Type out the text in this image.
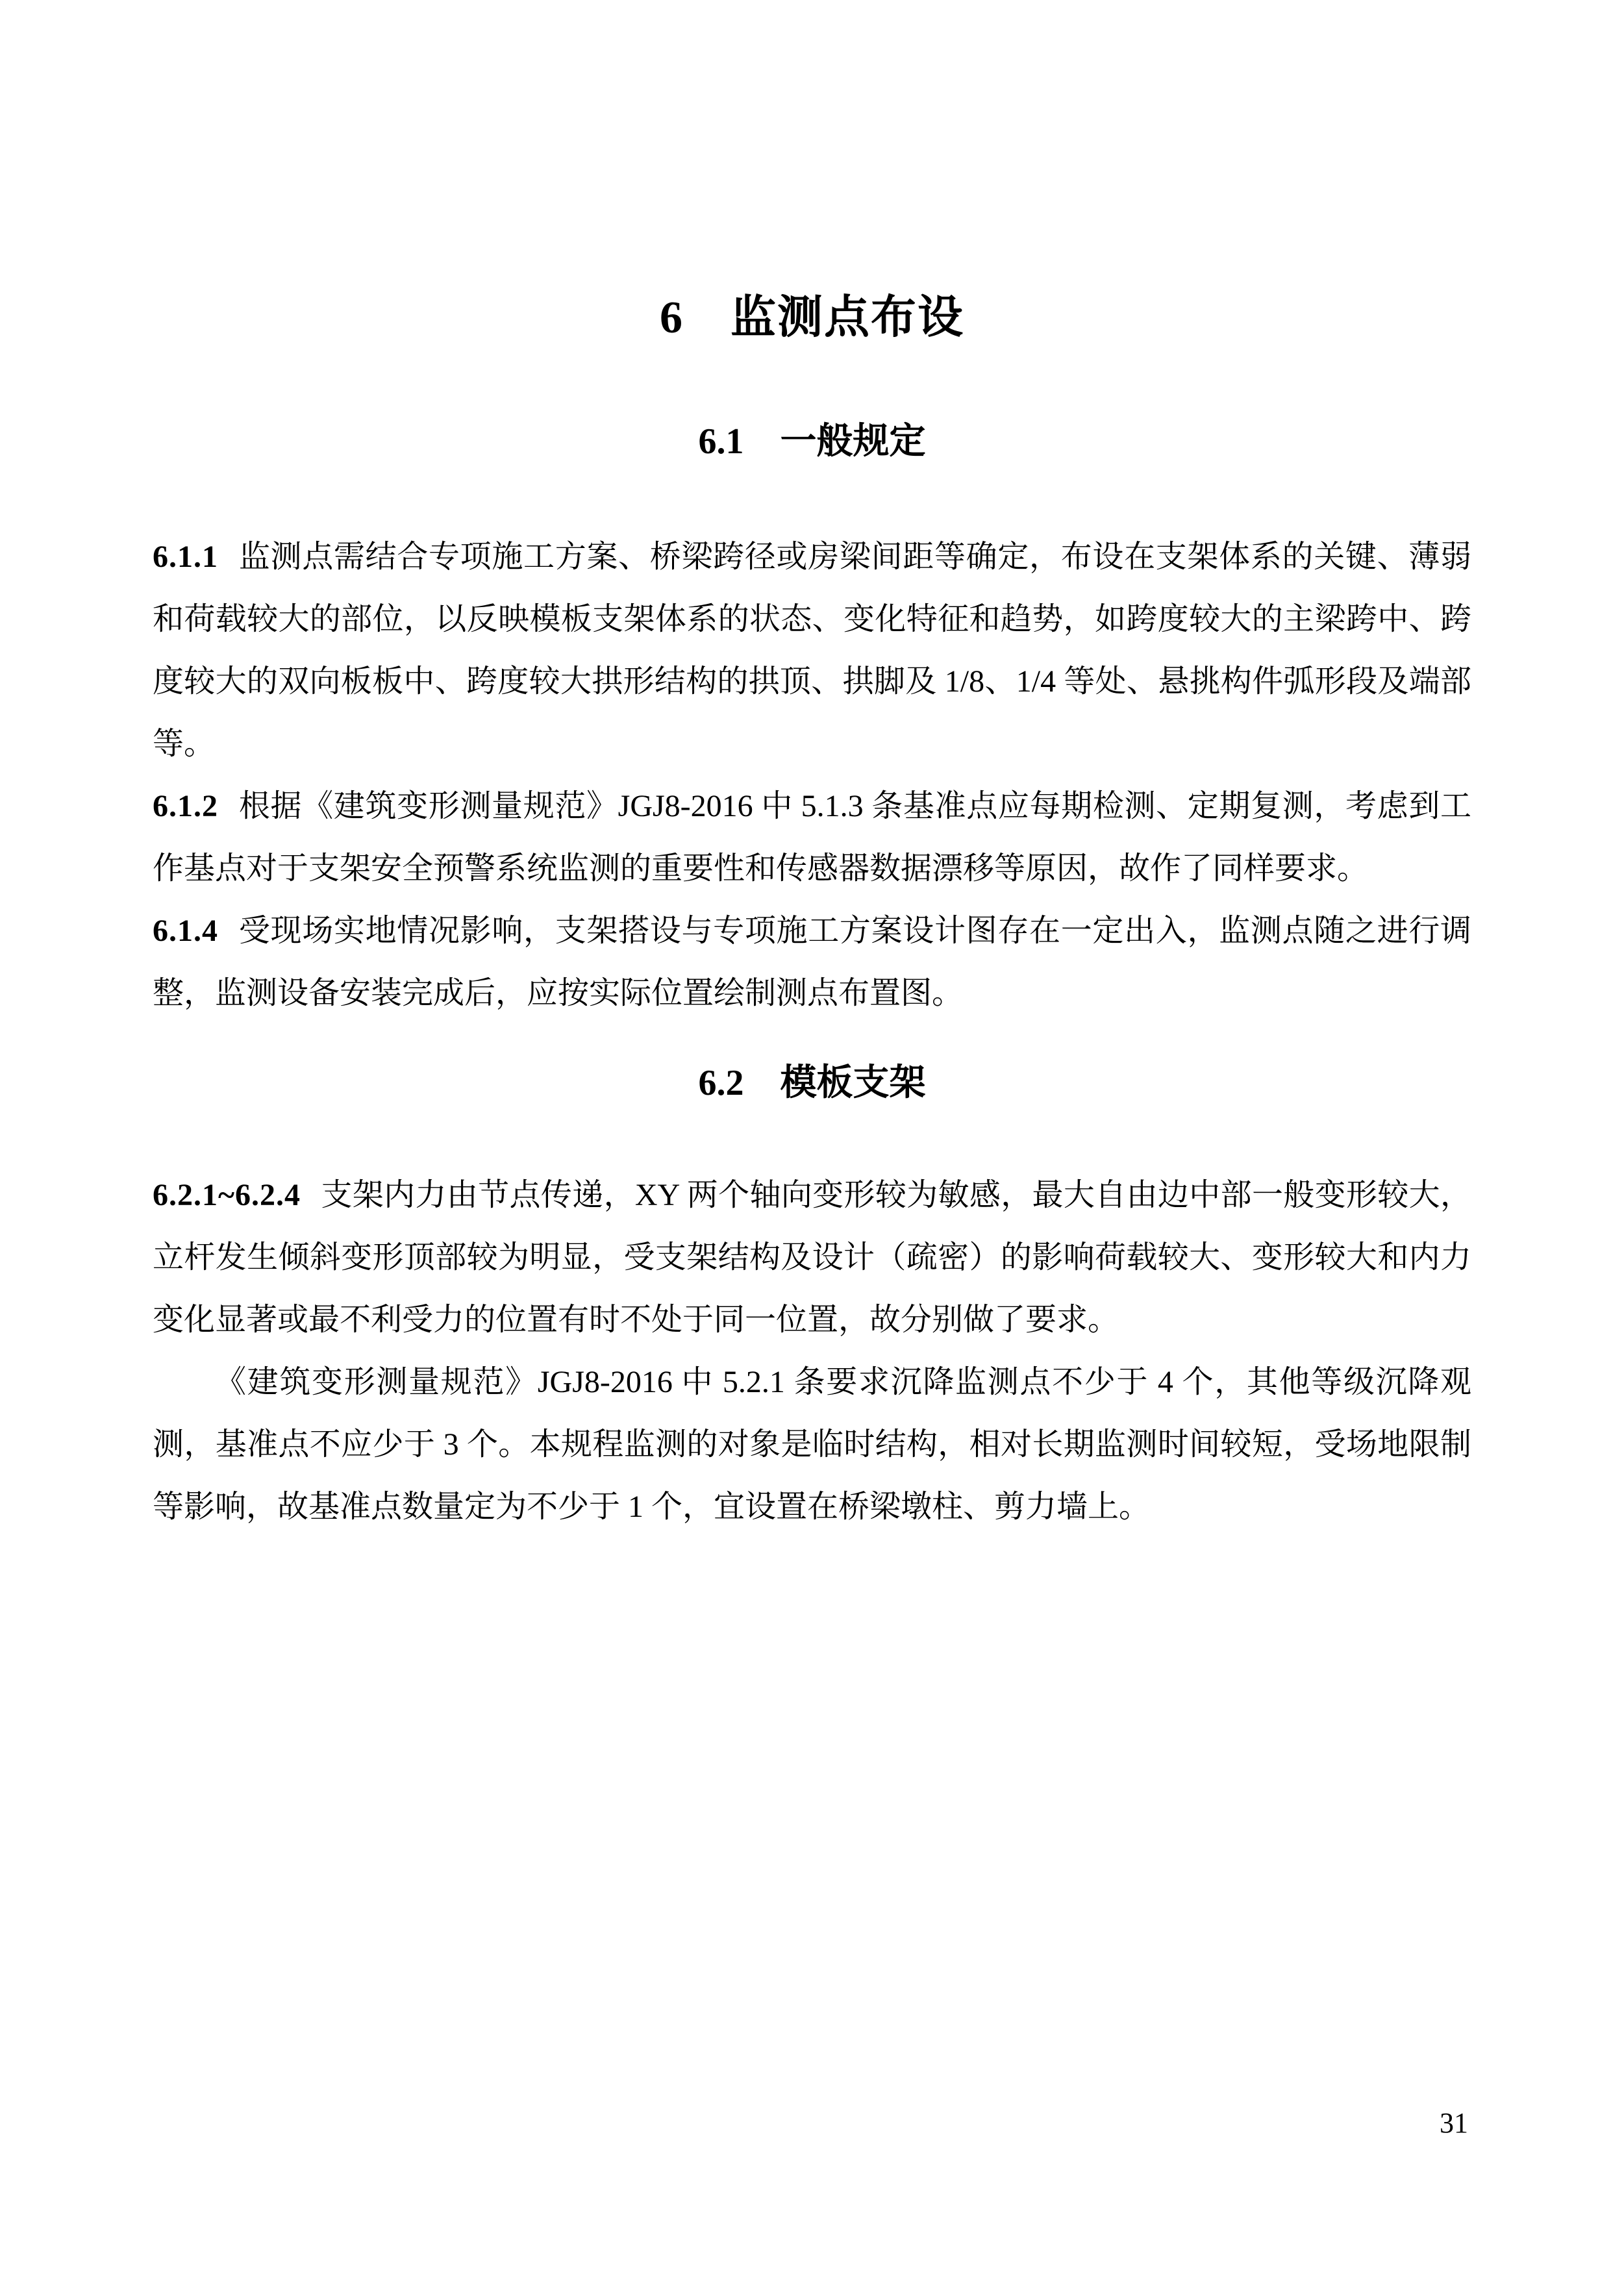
6　监测点布设
6.1　一般规定

6.1.1 监测点需结合专项施工方案、桥梁跨径或房梁间距等确定，布设在支架体系的关键、薄弱和荷载较大的部位，以反映模板支架体系的状态、变化特征和趋势，如跨度较大的主梁跨中、跨度较大的双向板板中、跨度较大拱形结构的拱顶、拱脚及 1/8、1/4 等处、悬挑构件弧形段及端部等。

6.1.2 根据《建筑变形测量规范》JGJ8-2016 中 5.1.3 条基准点应每期检测、定期复测，考虑到工作基点对于支架安全预警系统监测的重要性和传感器数据漂移等原因，故作了同样要求。

6.1.4 受现场实地情况影响，支架搭设与专项施工方案设计图存在一定出入，监测点随之进行调整，监测设备安装完成后，应按实际位置绘制测点布置图。

6.2　模板支架

6.2.1~6.2.4 支架内力由节点传递，XY 两个轴向变形较为敏感，最大自由边中部一般变形较大，立杆发生倾斜变形顶部较为明显，受支架结构及设计（疏密）的影响荷载较大、变形较大和内力变化显著或最不利受力的位置有时不处于同一位置，故分别做了要求。

《建筑变形测量规范》JGJ8-2016 中 5.2.1 条要求沉降监测点不少于 4 个，其他等级沉降观测，基准点不应少于 3 个。本规程监测的对象是临时结构，相对长期监测时间较短，受场地限制等影响，故基准点数量定为不少于 1 个，宜设置在桥梁墩柱、剪力墙上。

31
